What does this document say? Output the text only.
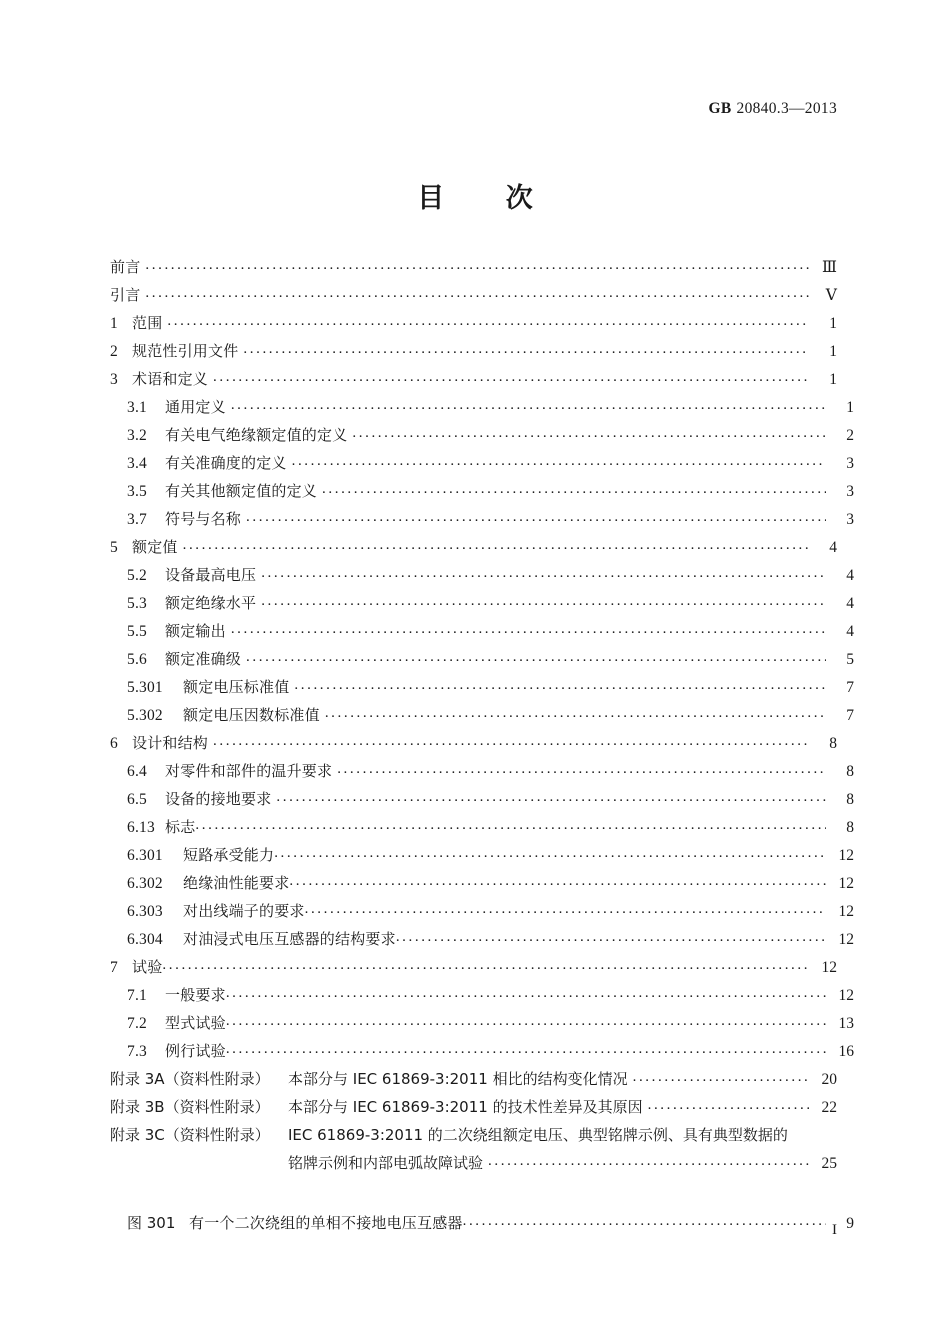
GB 20840.3—2013
目 次
前言 .....	Ⅲ
引言 .....	Ⅴ
1 范围 .....	1
2 规范性引用文件 .....	1
3 术语和定义 .....	1
3.1	通用定义 .....	1
3.2	有关电气绝缘额定值的定义 .....	2
3.4	有关准确度的定义 .....	3
3.5	有关其他额定值的定义 .....	3
3.7	符号与名称 .....	3
5 额定值 .....	4
5.2	设备最高电压 .....	4
5.3	额定绝缘水平 .....	4
5.5	额定输出 .....	4
5.6	额定准确级 .....	5
5.301	额定电压标准值 .....	7
5.302	额定电压因数标准值 .....	7
6 设计和结构 .....	8
6.4	对零件和部件的温升要求 .....	8
6.5	设备的接地要求 .....	8
6.13 标志 .....	8
6.301	短路承受能力 .....	12
6.302	绝缘油性能要求 .....	12
6.303	对出线端子的要求 .....	12
6.304	对油浸式电压互感器的结构要求 .....	12
7 试验 .....	12
7.1	一般要求 .....	12
7.2	型式试验 .....	13
7.3	例行试验 .....	16
附录 3A（资料性附录）	本部分与 IEC 61869-3:2011 相比的结构变化情况 .....	20
附录 3B（资料性附录）	本部分与 IEC 61869-3:2011 的技术性差异及其原因 .....	22
附录 3C（资料性附录）	IEC 61869-3:2011 的二次绕组额定电压、典型铭牌示例、具有典型数据的
铭牌示例和内部电弧故障试验 .....	25
图 301 有一个二次绕组的单相不接地电压互感器 .....	9
I
